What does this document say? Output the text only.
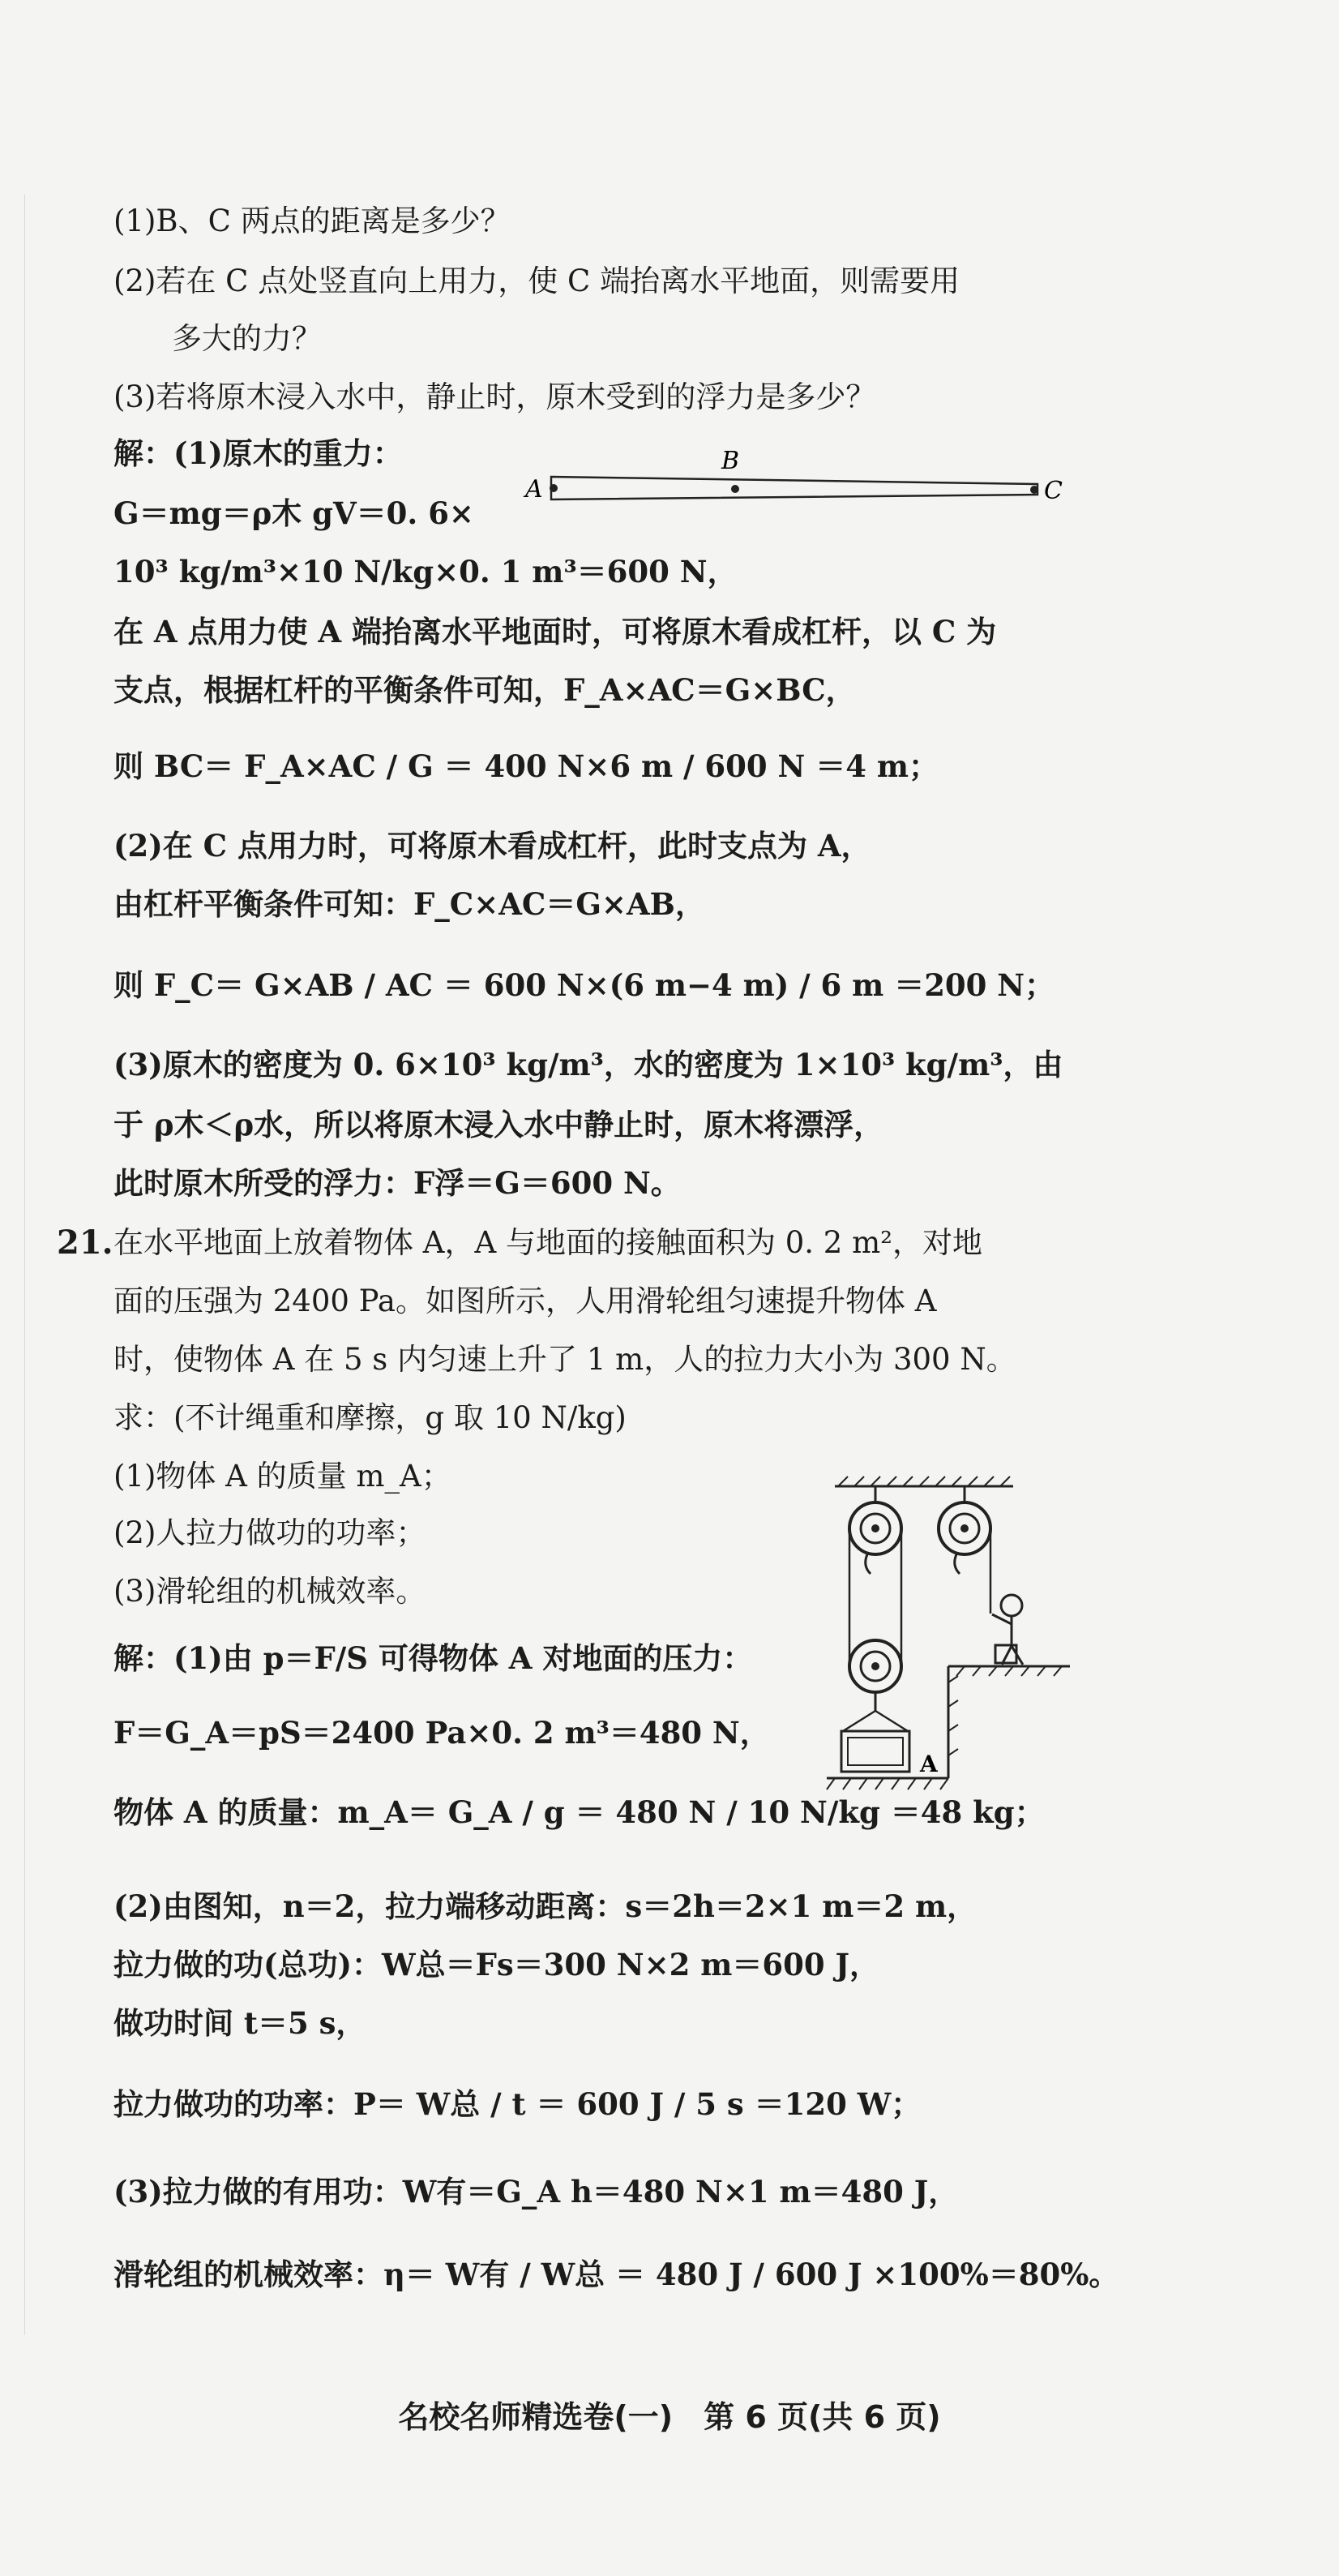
(1)B、C 两点的距离是多少？
(2)若在 C 点处竖直向上用力，使 C 端抬离水平地面，则需要用
多大的力？
(3)若将原木浸入水中，静止时，原木受到的浮力是多少？
解：(1)原木的重力：
A
B
C
G＝mg＝ρ木 gV＝0. 6×
10³ kg/m³×10 N/kg×0. 1 m³＝600 N，
在 A 点用力使 A 端抬离水平地面时，可将原木看成杠杆，以 C 为
支点，根据杠杆的平衡条件可知，F_A×AC＝G×BC，
则 BC＝ F_A×AC / G ＝ 400 N×6 m / 600 N ＝4 m；
(2)在 C 点用力时，可将原木看成杠杆，此时支点为 A，
由杠杆平衡条件可知：F_C×AC＝G×AB，
则 F_C＝ G×AB / AC ＝ 600 N×(6 m−4 m) / 6 m ＝200 N；
(3)原木的密度为 0. 6×10³ kg/m³，水的密度为 1×10³ kg/m³，由
于 ρ木＜ρ水，所以将原木浸入水中静止时，原木将漂浮，
此时原木所受的浮力：F浮＝G＝600 N。
21. 在水平地面上放着物体 A，A 与地面的接触面积为 0. 2 m²，对地
面的压强为 2400 Pa。如图所示，人用滑轮组匀速提升物体 A
时，使物体 A 在 5 s 内匀速上升了 1 m，人的拉力大小为 300 N。
求：(不计绳重和摩擦，g 取 10 N/kg)
(1)物体 A 的质量 m_A；
(2)人拉力做功的功率；
(3)滑轮组的机械效率。
A
解：(1)由 p＝F/S 可得物体 A 对地面的压力：
F＝G_A＝pS＝2400 Pa×0. 2 m³＝480 N，
物体 A 的质量：m_A＝ G_A / g ＝ 480 N / 10 N/kg ＝48 kg；
(2)由图知，n＝2，拉力端移动距离：s＝2h＝2×1 m＝2 m，
拉力做的功(总功)：W总＝Fs＝300 N×2 m＝600 J，
做功时间 t＝5 s，
拉力做功的功率：P＝ W总 / t ＝ 600 J / 5 s ＝120 W；
(3)拉力做的有用功：W有＝G_A h＝480 N×1 m＝480 J，
滑轮组的机械效率：η＝ W有 / W总 ＝ 480 J / 600 J ×100%＝80%。
名校名师精选卷(一)　第 6 页(共 6 页)
